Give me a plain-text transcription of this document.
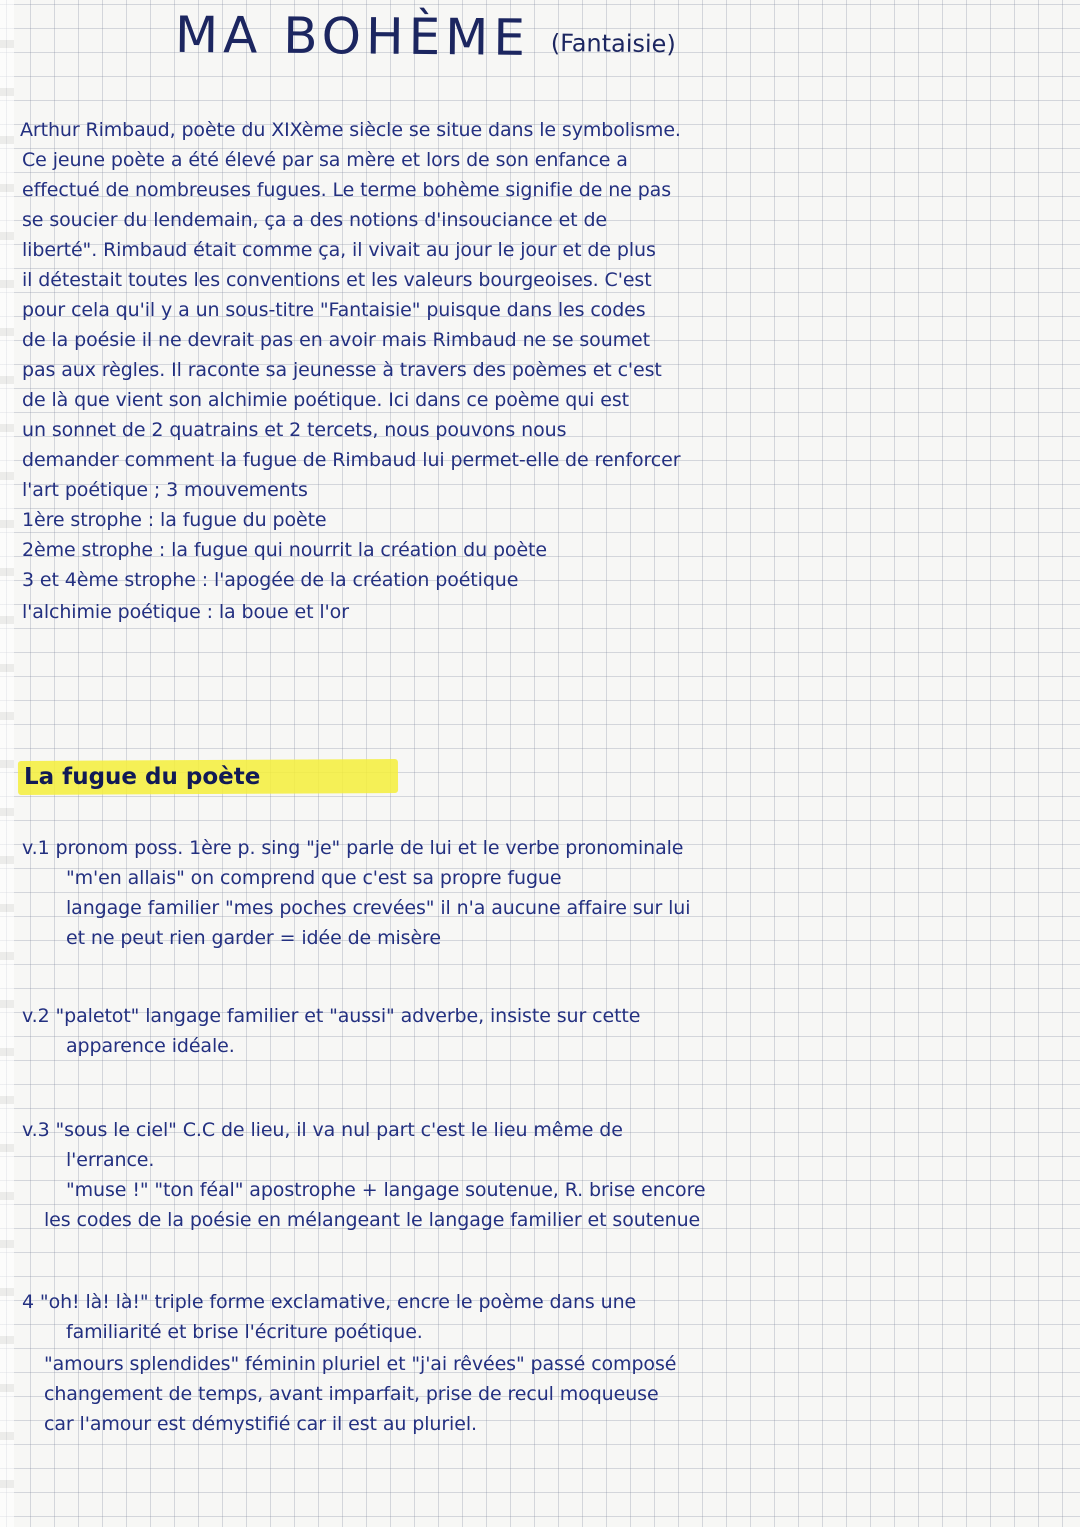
MA BOHÈME (Fantaisie)

Arthur Rimbaud, poète du XIXème siècle se situe dans le symbolisme.

Ce jeune poète a été élevé par sa mère et lors de son enfance a

effectué de nombreuses fugues. Le terme bohème signifie de ne pas

se soucier du lendemain, ça a des notions d'insouciance et de

liberté". Rimbaud était comme ça, il vivait au jour le jour et de plus

il détestait toutes les conventions et les valeurs bourgeoises. C'est

pour cela qu'il y a un sous-titre "Fantaisie" puisque dans les codes

de la poésie il ne devrait pas en avoir mais Rimbaud ne se soumet

pas aux règles. Il raconte sa jeunesse à travers des poèmes et c'est

de là que vient son alchimie poétique. Ici dans ce poème qui est

un sonnet de 2 quatrains et 2 tercets, nous pouvons nous

demander comment la fugue de Rimbaud lui permet-elle de renforcer

l'art poétique ; 3 mouvements

1ère strophe : la fugue du poète

2ème strophe : la fugue qui nourrit la création du poète

3 et 4ème strophe : l'apogée de la création poétique

l'alchimie poétique : la boue et l'or

La fugue du poète

v.1 pronom poss. 1ère p. sing "je" parle de lui et le verbe pronominale

"m'en allais" on comprend que c'est sa propre fugue

langage familier "mes poches crevées" il n'a aucune affaire sur lui

et ne peut rien garder = idée de misère

v.2 "paletot" langage familier et "aussi" adverbe, insiste sur cette

apparence idéale.

v.3 "sous le ciel" C.C de lieu, il va nul part c'est le lieu même de

l'errance.

"muse !" "ton féal" apostrophe + langage soutenue, R. brise encore

les codes de la poésie en mélangeant le langage familier et soutenue

4 "oh! là! là!" triple forme exclamative, encre le poème dans une

familiarité et brise l'écriture poétique.

"amours splendides" féminin pluriel et "j'ai rêvées" passé composé

changement de temps, avant imparfait, prise de recul moqueuse

car l'amour est démystifié car il est au pluriel.
